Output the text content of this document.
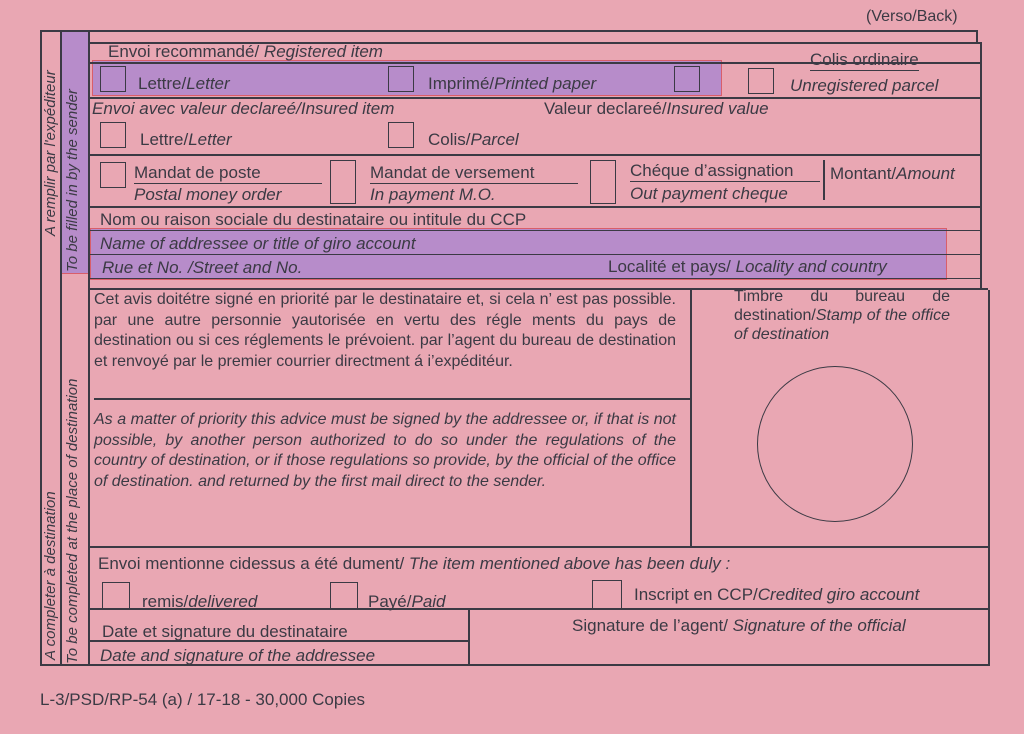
(Verso/Back)
A remplir par l'expéditeur To be filled in by the sender
A completer à destination To be completed at the place of destination
Envoi recommandé/ Registered item
Lettre/Letter	Imprimé/Printed paper
Colis ordinaire
Unregistered parcel
Envoi avec valeur declareé/Insured item	Valeur declareé/Insured value
Lettre/Letter	Colis/Parcel
Mandat de poste
Postal money order
Mandat de versement
In payment M.O.
Chéque d’assignation
Out payment cheque
Montant/Amount
Nom ou raison sociale du destinataire ou intitule du CCP
Name of addressee or title of giro account
Rue et No. /Street and No.	Localité et pays/ Locality and country
Cet avis doitétre signé en priorité par le destinataire et, si cela n’ est pas possible. par une autre personnie yautorisée en vertu des régle ments du pays de destination ou si ces réglements le prévoient. par l’agent du bureau de destination et renvoyé par le premier courrier directment á i’expéditéur.
As a matter of priority this advice must be signed by the addressee or, if that is not possible, by another person authorized to do so under the regulations of the country of destination, or if those regulations so provide, by the official of the office of destination. and returned by the first mail direct to the sender.
Timbre du bureau de destination/Stamp of the office of destination
Envoi mentionne cidessus a été dument/ The item mentioned above has been duly :
remis/delivered	Payé/Paid	Inscript en CCP/Credited giro account
Date et signature du destinataire
Date and signature of the addressee
Signature de l’agent/ Signature of the official
L-3/PSD/RP-54 (a) / 17-18 - 30,000 Copies
